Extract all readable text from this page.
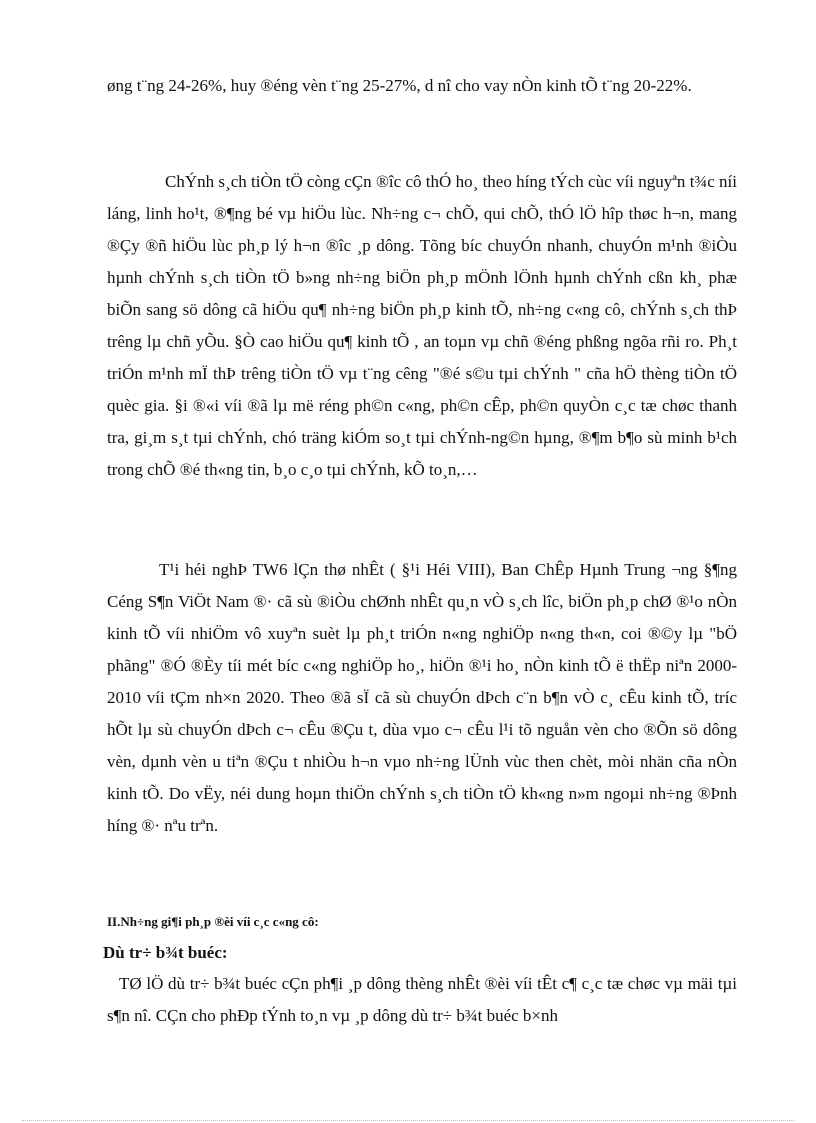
øng t¨ng 24-26%, huy ®éng vèn t¨ng 25-27%, d nî cho vay nÒn kinh tÕ t¨ng 20-22%.

ChÝnh s¸ch tiÒn tÖ còng cÇn ®îc cô thÓ ho¸ theo híng tÝch cùc víi nguyªn t¾c níi láng, linh ho¹t, ®¶ng bé vµ hiÖu lùc. Nh÷ng c¬ chÕ, qui chÕ, thÓ lÖ hîp thøc h¬n, mang ®Çy ®ñ hiÖu lùc ph¸p lý h¬n ®îc ¸p dông. Tõng bíc chuyÓn nhanh, chuyÓn m¹nh ®iÒu hµnh chÝnh s¸ch tiÒn tÖ b»ng nh÷ng biÖn ph¸p mÖnh lÖnh hµnh chÝnh cßn kh¸ phæ biÕn sang sö dông cã hiÖu qu¶ nh÷ng biÖn ph¸p kinh tÕ, nh÷ng c«ng cô, chÝnh s¸ch thÞ trêng lµ chñ yÕu. §Ò cao hiÖu qu¶ kinh tÕ , an toµn vµ chñ ®éng phßng ngõa rñi ro. Ph¸t triÓn m¹nh mÏ thÞ trêng tiÒn tÖ vµ t¨ng cêng "®é s©u tµi chÝnh " cña hÖ thèng tiÒn tÖ quèc gia. §i ®«i víi ®ã lµ më réng ph©n c«ng, ph©n cÊp, ph©n quyÒn c¸c tæ chøc thanh tra, gi¸m s¸t tµi chÝnh, chó träng kiÓm so¸t tµi chÝnh-ng©n hµng, ®¶m b¶o sù minh b¹ch trong chÕ ®é th«ng tin, b¸o c¸o tµi chÝnh, kÕ to¸n,…

T¹i héi nghÞ TW6 lÇn thø nhÊt ( §¹i Héi VIII), Ban ChÊp Hµnh Trung ¬ng §¶ng Céng S¶n ViÖt Nam ®· cã sù ®iÒu chØnh nhÊt qu¸n vÒ s¸ch lîc, biÖn ph¸p chØ ®¹o nÒn kinh tÕ víi nhiÖm vô xuyªn suèt lµ ph¸t triÓn n«ng nghiÖp n«ng th«n, coi ®©y lµ "bÖ phãng" ®Ó ®Èy tíi mét bíc c«ng nghiÖp ho¸, hiÖn ®¹i ho¸ nÒn kinh tÕ ë thËp niªn 2000-2010 víi tÇm nh×n 2020. Theo ®ã sÏ cã sù chuyÓn dÞch c¨n b¶n vÒ c¸ cÊu kinh tÕ, tríc hÕt lµ sù chuyÓn dÞch c¬ cÊu ®Çu t, dùa vµo c¬ cÊu l¹i tõ nguån vèn cho ®Õn sö dông vèn, dµnh vèn u tiªn ®Çu t nhiÒu h¬n vµo nh÷ng lÜnh vùc then chèt, mòi nhän cña nÒn kinh tÕ. Do vËy, néi dung hoµn thiÖn chÝnh s¸ch tiÒn tÖ kh«ng n»m ngoµi nh÷ng ®Þnh híng ®· nªu trªn.

II.Nh÷ng gi¶i ph¸p ®èi víi c¸c c«ng cô:

Dù tr÷ b¾t buéc:

TØ lÖ dù tr÷ b¾t buéc cÇn ph¶i ¸p dông thèng nhÊt ®èi víi tÊt c¶ c¸c tæ chøc vµ mäi tµi s¶n nî. CÇn cho phÐp tÝnh to¸n vµ ¸p dông dù tr÷ b¾t buéc b×nh
